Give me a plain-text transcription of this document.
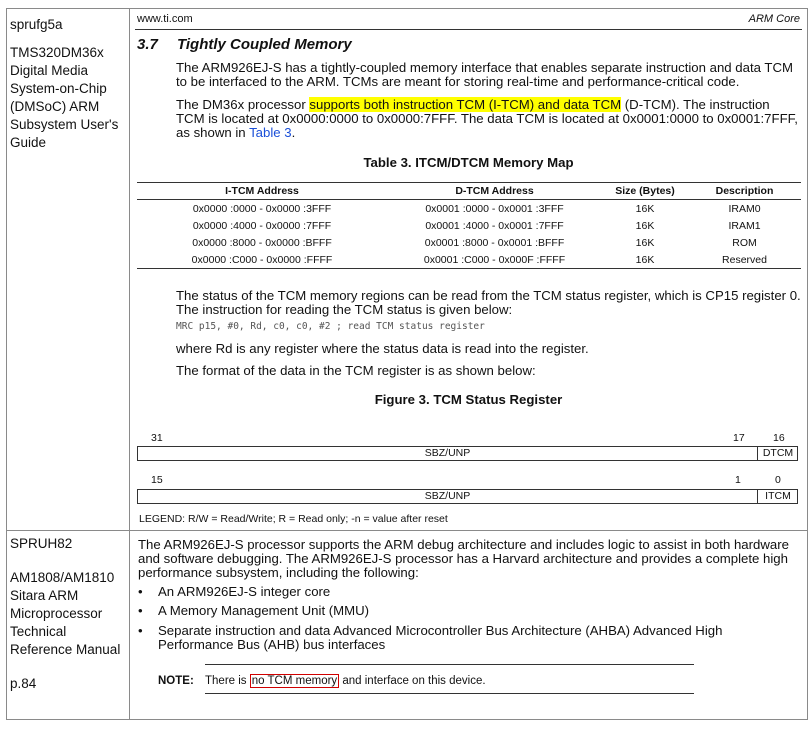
sprufg5a
TMS320DM36x
Digital Media
System-on-Chip
(DMSoC) ARM
Subsystem User's
Guide
SPRUH82
AM1808/AM1810
Sitara ARM
Microprocessor
Technical
Reference Manual
p.84
www.ti.com	ARM Core
3.7 Tightly Coupled Memory
The ARM926EJ-S has a tightly-coupled memory interface that enables separate instruction and data TCM to be interfaced to the ARM. TCMs are meant for storing real-time and performance-critical code.
The DM36x processor supports both instruction TCM (I-TCM) and data TCM (D-TCM). The instruction TCM is located at 0x0000:0000 to 0x0000:7FFF. The data TCM is located at 0x0001:0000 to 0x0001:7FFF, as shown in Table 3.
Table 3. ITCM/DTCM Memory Map
I-TCM Address	D-TCM Address	Size (Bytes)	Description
0x0000 :0000 - 0x0000 :3FFF	0x0001 :0000 - 0x0001 :3FFF	16K	IRAM0
0x0000 :4000 - 0x0000 :7FFF	0x0001 :4000 - 0x0001 :7FFF	16K	IRAM1
0x0000 :8000 - 0x0000 :BFFF	0x0001 :8000 - 0x0001 :BFFF	16K	ROM
0x0000 :C000 - 0x0000 :FFFF	0x0001 :C000 - 0x000F :FFFF	16K	Reserved
The status of the TCM memory regions can be read from the TCM status register, which is CP15 register 0. The instruction for reading the TCM status is given below:
MRC p15, #0, Rd, c0, c0, #2 ; read TCM status register
where Rd is any register where the status data is read into the register.
The format of the data in the TCM register is as shown below:
Figure 3. TCM Status Register
31	17	16
SBZ/UNP	DTCM
15	1	0
SBZ/UNP	ITCM
LEGEND: R/W = Read/Write; R = Read only; -n = value after reset
The ARM926EJ-S processor supports the ARM debug architecture and includes logic to assist in both hardware and software debugging. The ARM926EJ-S processor has a Harvard architecture and provides a complete high performance subsystem, including the following:
•	An ARM926EJ-S integer core
•	A Memory Management Unit (MMU)
•	Separate instruction and data Advanced Microcontroller Bus Architecture (AHBA) Advanced High Performance Bus (AHB) bus interfaces
NOTE: There is no TCM memory and interface on this device.
